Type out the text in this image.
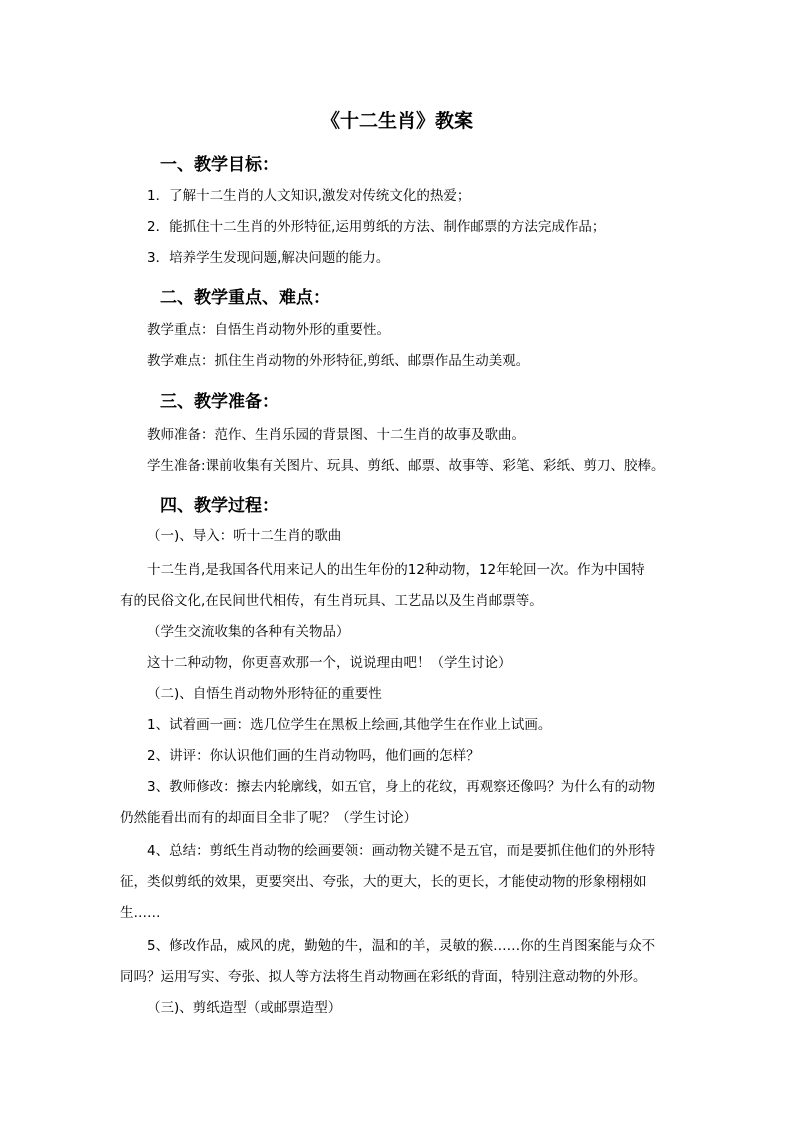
《十二生肖》教案
一、教学目标：
1．了解十二生肖的人文知识,激发对传统文化的热爱；
2．能抓住十二生肖的外形特征,运用剪纸的方法、制作邮票的方法完成作品；
3．培养学生发现问题,解决问题的能力。
二、教学重点、难点：
教学重点：自悟生肖动物外形的重要性。
教学难点：抓住生肖动物的外形特征,剪纸、邮票作品生动美观。
三、教学准备：
教师准备：范作、生肖乐园的背景图、十二生肖的故事及歌曲。
学生准备:课前收集有关图片、玩具、剪纸、邮票、故事等、彩笔、彩纸、剪刀、胶棒。
四、教学过程：
（一)、导入：听十二生肖的歌曲
十二生肖,是我国各代用来记人的出生年份的12种动物，12年轮回一次。作为中国特
有的民俗文化,在民间世代相传，有生肖玩具、工艺品以及生肖邮票等。
（学生交流收集的各种有关物品）
这十二种动物，你更喜欢那一个，说说理由吧！（学生讨论）
（二)、自悟生肖动物外形特征的重要性
1、试着画一画：选几位学生在黑板上绘画,其他学生在作业上试画。
2、讲评：你认识他们画的生肖动物吗，他们画的怎样？
3、教师修改：擦去内轮廓线，如五官，身上的花纹，再观察还像吗？为什么有的动物
仍然能看出而有的却面目全非了呢？（学生讨论）
4、总结：剪纸生肖动物的绘画要领：画动物关键不是五官，而是要抓住他们的外形特
征，类似剪纸的效果，更要突出、夸张，大的更大，长的更长，才能使动物的形象栩栩如
生……
5、修改作品，威风的虎，勤勉的牛，温和的羊，灵敏的猴……你的生肖图案能与众不
同吗？运用写实、夸张、拟人等方法将生肖动物画在彩纸的背面，特别注意动物的外形。
（三)、剪纸造型（或邮票造型）
